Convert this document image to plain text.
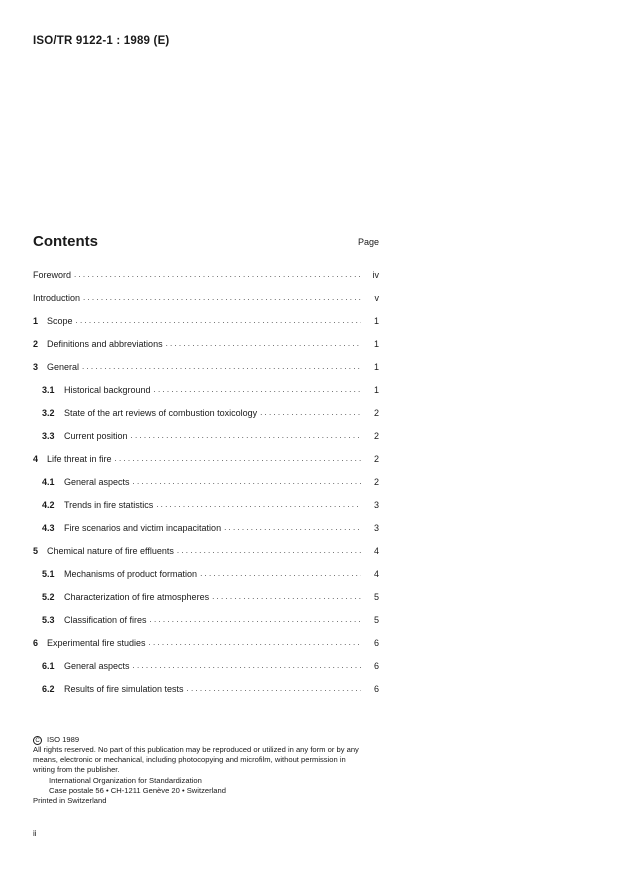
ISO/TR 9122-1 : 1989 (E)
Contents	Page
Foreword . . .	iv
Introduction . . .	v
1 Scope . . .	1
2 Definitions and abbreviations . . .	1
3 General . . .	1
3.1	Historical background . . .	1
3.2	State of the art reviews of combustion toxicology . . .	2
3.3	Current position . . .	2
4 Life threat in fire . . .	2
4.1	General aspects . . .	2
4.2	Trends in fire statistics . . .	3
4.3	Fire scenarios and victim incapacitation . . .	3
5 Chemical nature of fire effluents . . .	4
5.1	Mechanisms of product formation . . .	4
5.2	Characterization of fire atmospheres . . .	5
5.3	Classification of fires . . .	5
6 Experimental fire studies . . .	6
6.1	General aspects . . .	6
6.2	Results of fire simulation tests . . .	6
C ISO 1989
All rights reserved. No part of this publication may be reproduced or utilized in any form or by any
means, electronic or mechanical, including photocopying and microfilm, without permission in
writing from the publisher.
International Organization for Standardization
Case postale 56 • CH-1211 Genève 20 • Switzerland
Printed in Switzerland
ii
